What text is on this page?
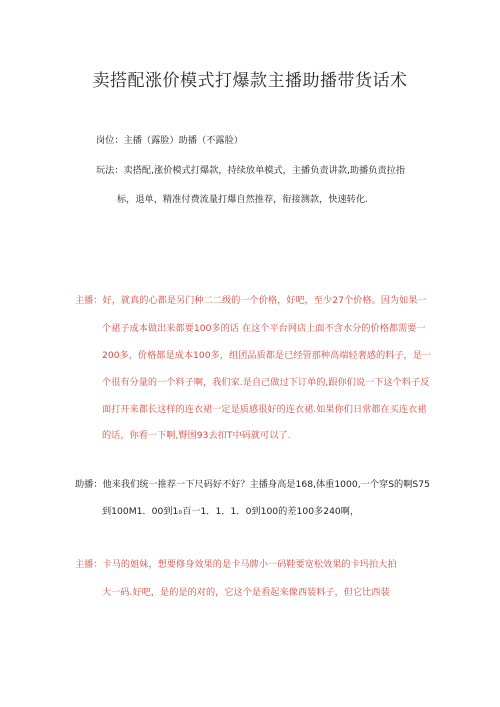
卖搭配涨价模式打爆款主播助播带货话术
岗位：主播（露脸）助播（不露脸）
玩法：卖搭配,涨价模式打爆款，持续放单模式，主播负责讲款,助播负责拉指
标，退单，精准付费流量打爆自然推荐，衔接测款，快速转化.
主播：好，就真的心都是另门种二二级的一个价格，好吧，至少27个价格。因为如果一
个裙子成本做出来都要100多的话 在这个平台网店上面不含水分的价格都需要一
200多，价格都是成本100多，组团品质都是已经管那种高端轻奢感的料子，是一
个很有分量的一个料子啊，我们家.是自己做过下订单的,跟你们说一下这个料子反
面打开来都长这样的连衣裙一定是质感很好的连衣裙.如果你们日常都在买连衣裙
的话，你看一下啊,臀围93去扣T中码就可以了.
助播：他来我们统一推荐一下尺码好不好？主播身高是168,体重1000,一个穿S的啊S75
到100M1．00到1₀百一1．1．1．0到100的差100多240啊，
主播：卡马的姐妹，想要修身效果的是卡马牌小一码鞋要宽松效果的卡玛拍大拍
大一码.好吧，是的是的对的，它这个是看起来像西装料子，但它比西装
